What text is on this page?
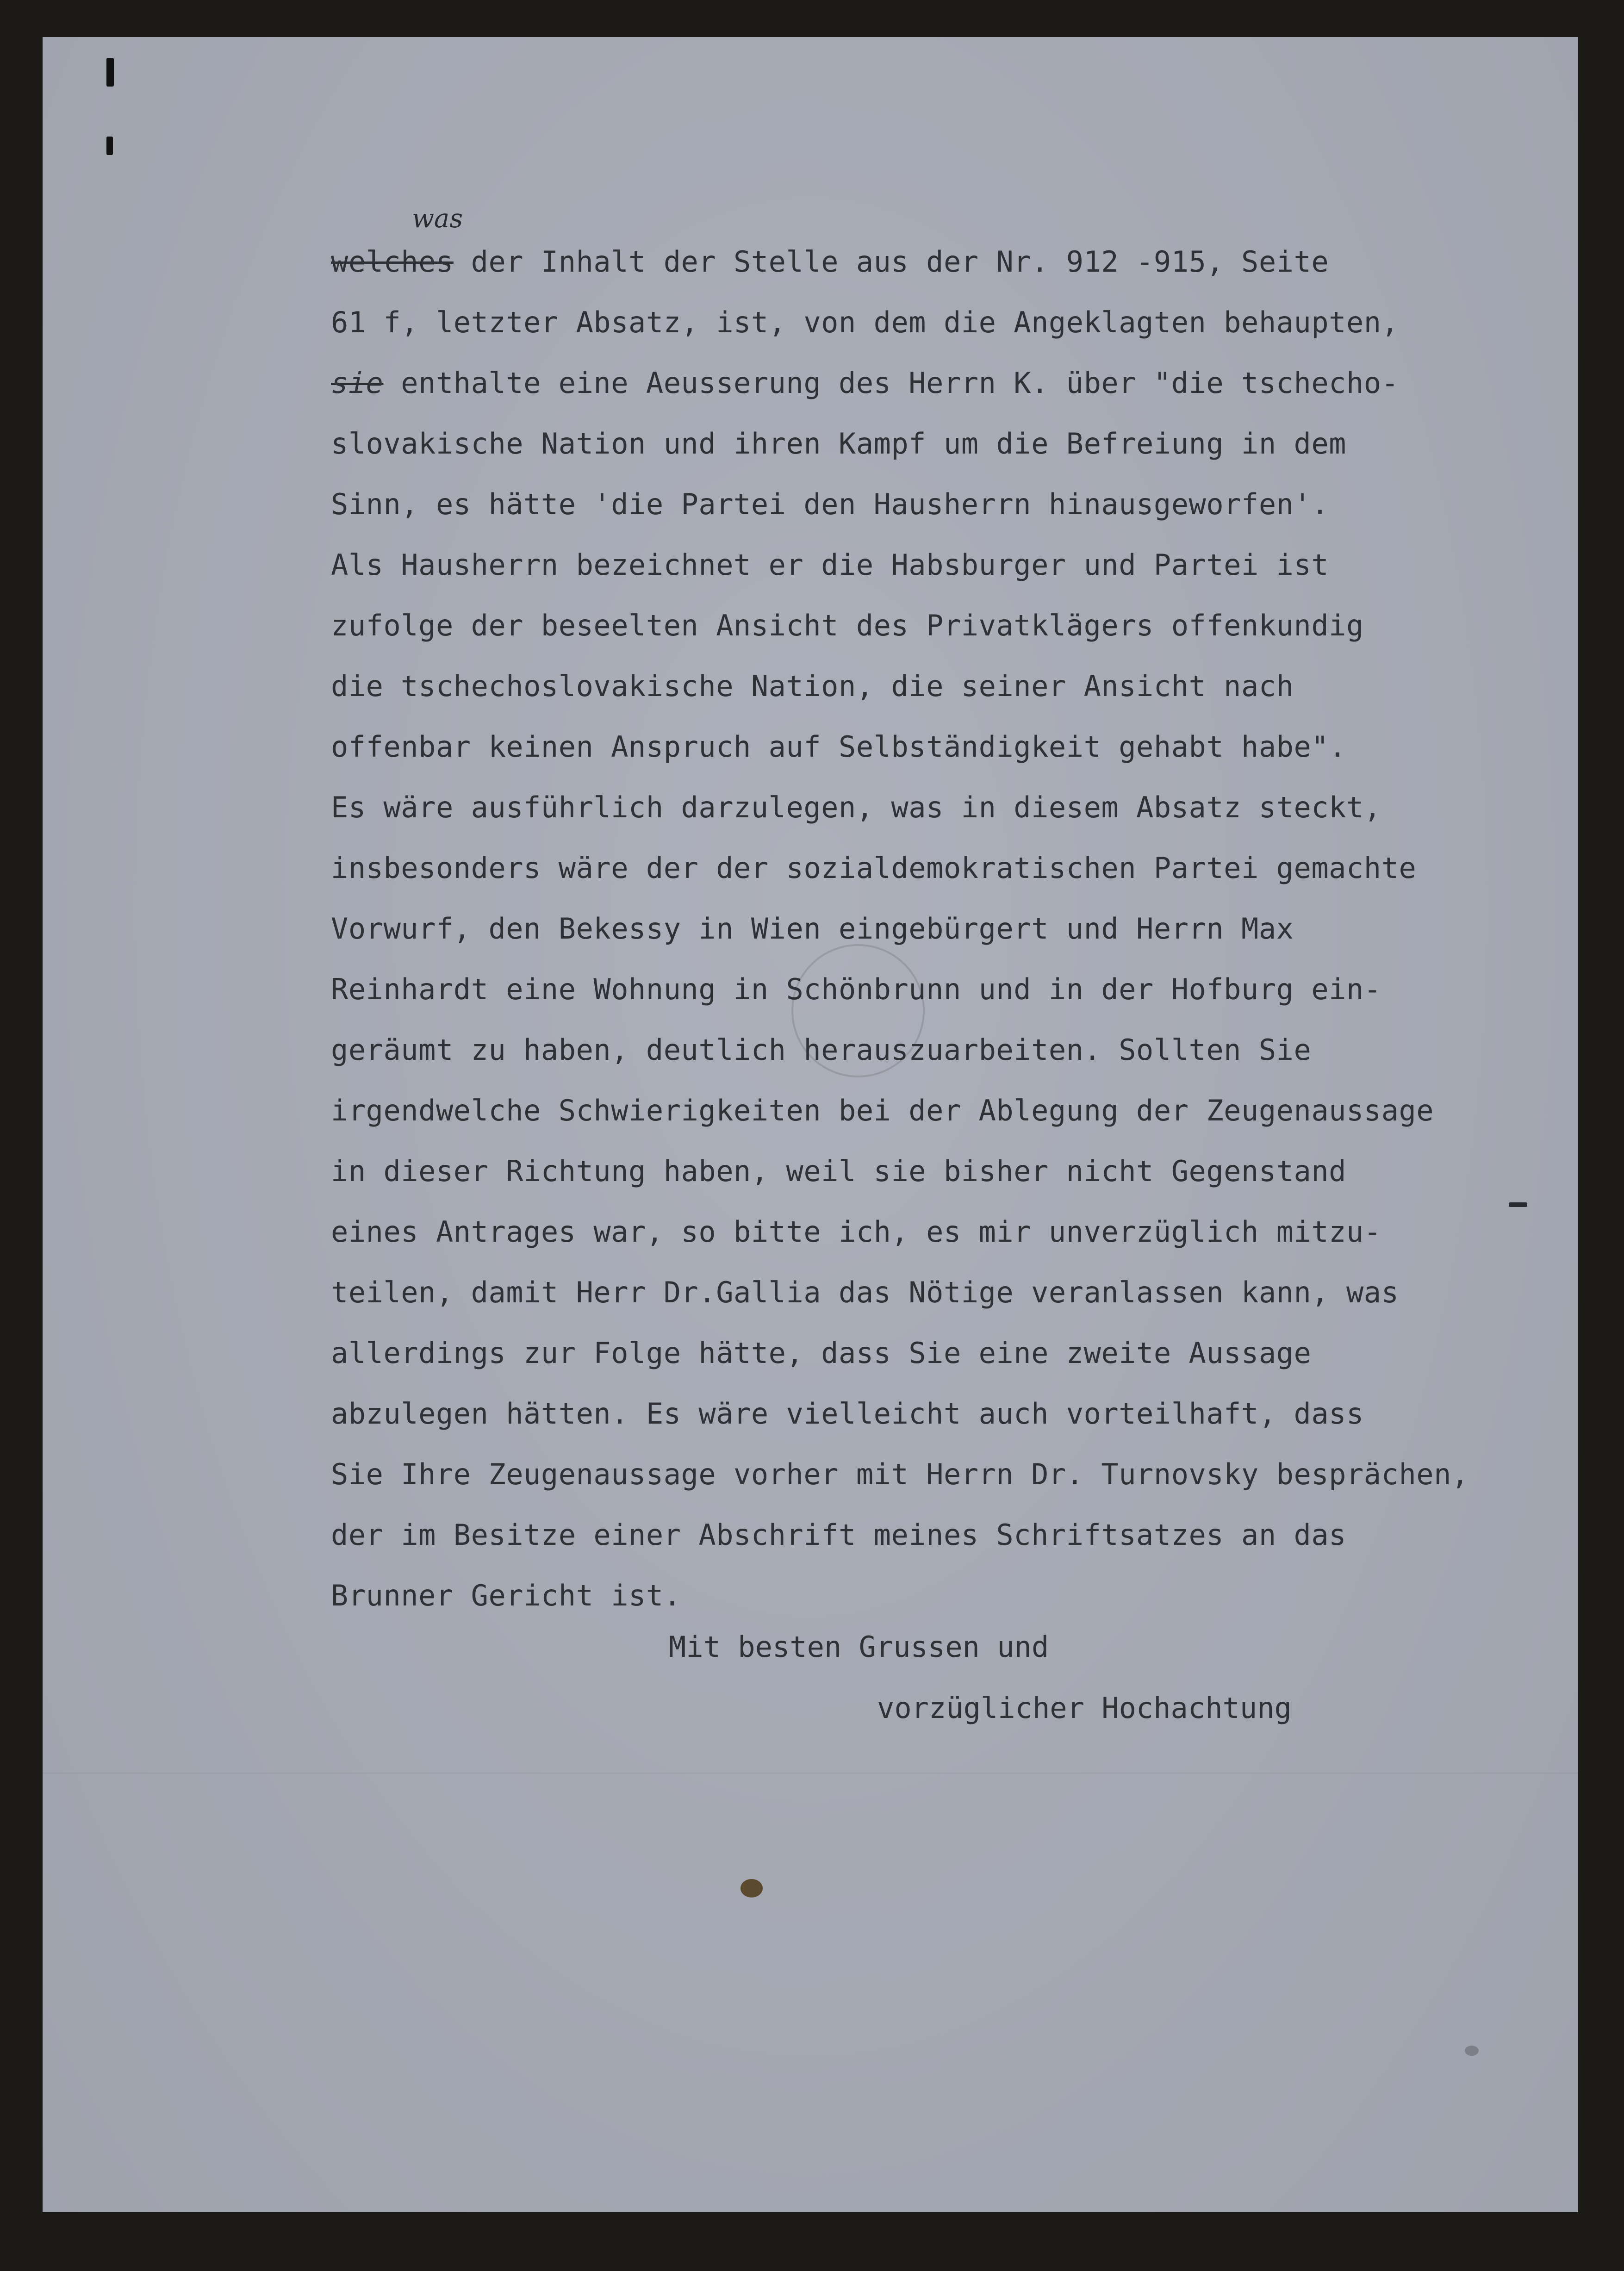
was
welches der Inhalt der Stelle aus der Nr. 912 -915, Seite
61 f, letzter Absatz, ist, von dem die Angeklagten behaupten,
sie enthalte eine Aeusserung des Herrn K. über "die tschecho-
slovakische Nation und ihren Kampf um die Befreiung in dem
Sinn, es hätte 'die Partei den Hausherrn hinausgeworfen'.
Als Hausherrn bezeichnet er die Habsburger und Partei ist
zufolge der beseelten Ansicht des Privatklägers offenkundig
die tschechoslovakische Nation, die seiner Ansicht nach
offenbar keinen Anspruch auf Selbständigkeit gehabt habe".
Es wäre ausführlich darzulegen, was in diesem Absatz steckt,
insbesonders wäre der der sozialdemokratischen Partei gemachte
Vorwurf, den Bekessy in Wien eingebürgert und Herrn Max
Reinhardt eine Wohnung in Schönbrunn und in der Hofburg ein-
geräumt zu haben, deutlich herauszuarbeiten. Sollten Sie
irgendwelche Schwierigkeiten bei der Ablegung der Zeugenaussage
in dieser Richtung haben, weil sie bisher nicht Gegenstand
eines Antrages war, so bitte ich, es mir unverzüglich mitzu-
teilen, damit Herr Dr.Gallia das Nötige veranlassen kann, was
allerdings zur Folge hätte, dass Sie eine zweite Aussage
abzulegen hätten. Es wäre vielleicht auch vorteilhaft, dass
Sie Ihre Zeugenaussage vorher mit Herrn Dr. Turnovsky besprächen,
der im Besitze einer Abschrift meines Schriftsatzes an das
Brunner Gericht ist.
Mit besten Grussen und
vorzüglicher Hochachtung
